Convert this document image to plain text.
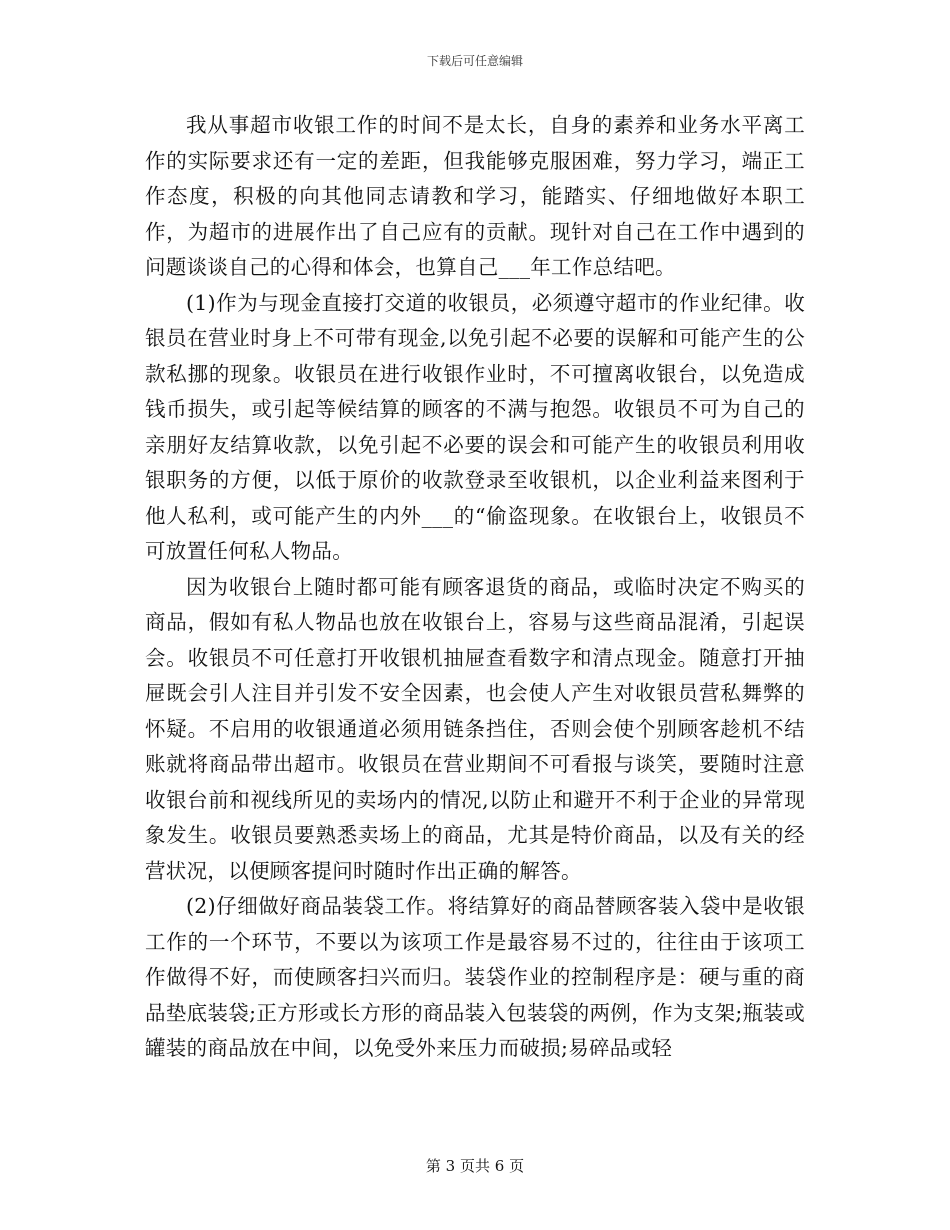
下载后可任意编辑

我从事超市收银工作的时间不是太长，自身的素养和业务水平离工作的实际要求还有一定的差距，但我能够克服困难，努力学习，端正工作态度，积极的向其他同志请教和学习，能踏实、仔细地做好本职工作，为超市的进展作出了自己应有的贡献。现针对自己在工作中遇到的问题谈谈自己的心得和体会，也算自己___年工作总结吧。

(1)作为与现金直接打交道的收银员，必须遵守超市的作业纪律。收银员在营业时身上不可带有现金,以免引起不必要的误解和可能产生的公款私挪的现象。收银员在进行收银作业时，不可擅离收银台，以免造成钱币损失，或引起等候结算的顾客的不满与抱怨。收银员不可为自己的亲朋好友结算收款，以免引起不必要的误会和可能产生的收银员利用收银职务的方便，以低于原价的收款登录至收银机，以企业利益来图利于他人私利，或可能产生的内外___的“偷盗现象。在收银台上，收银员不可放置任何私人物品。

因为收银台上随时都可能有顾客退货的商品，或临时决定不购买的商品，假如有私人物品也放在收银台上，容易与这些商品混淆，引起误会。收银员不可任意打开收银机抽屉查看数字和清点现金。随意打开抽屉既会引人注目并引发不安全因素，也会使人产生对收银员营私舞弊的怀疑。不启用的收银通道必须用链条挡住，否则会使个别顾客趁机不结账就将商品带出超市。收银员在营业期间不可看报与谈笑，要随时注意收银台前和视线所见的卖场内的情况,以防止和避开不利于企业的异常现象发生。收银员要熟悉卖场上的商品，尤其是特价商品，以及有关的经营状况，以便顾客提问时随时作出正确的解答。

(2)仔细做好商品装袋工作。将结算好的商品替顾客装入袋中是收银工作的一个环节，不要以为该项工作是最容易不过的，往往由于该项工作做得不好，而使顾客扫兴而归。装袋作业的控制程序是：硬与重的商品垫底装袋;正方形或长方形的商品装入包装袋的两例，作为支架;瓶装或罐装的商品放在中间，以免受外来压力而破损;易碎品或轻

第 3 页共 6 页
